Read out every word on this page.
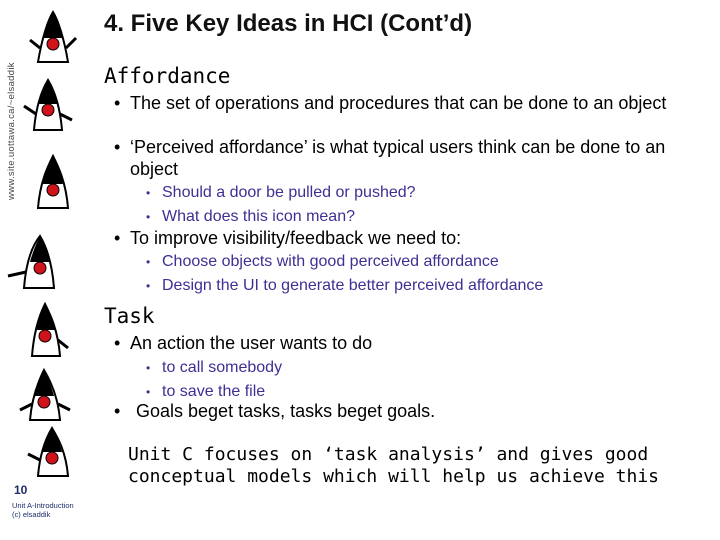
www.site.uottawa.ca/~elsaddik
4. Five Key Ideas in HCI (Cont’d)
Affordance
• The set of operations and procedures that can be done to an object
• ‘Perceived affordance’ is what typical users think can be done to an object
• Should a door be pulled or pushed?
• What does this icon mean?
• To improve visibility/feedback we need to:
• Choose objects with good perceived affordance
• Design the UI to generate better perceived affordance
Task
• An action the user wants to do
• to call somebody
• to save the file
• Goals beget tasks, tasks beget goals.
Unit C focuses on ‘task analysis’ and gives good conceptual models which will help us achieve this
10
Unit A-Introduction
(c) elsaddik
